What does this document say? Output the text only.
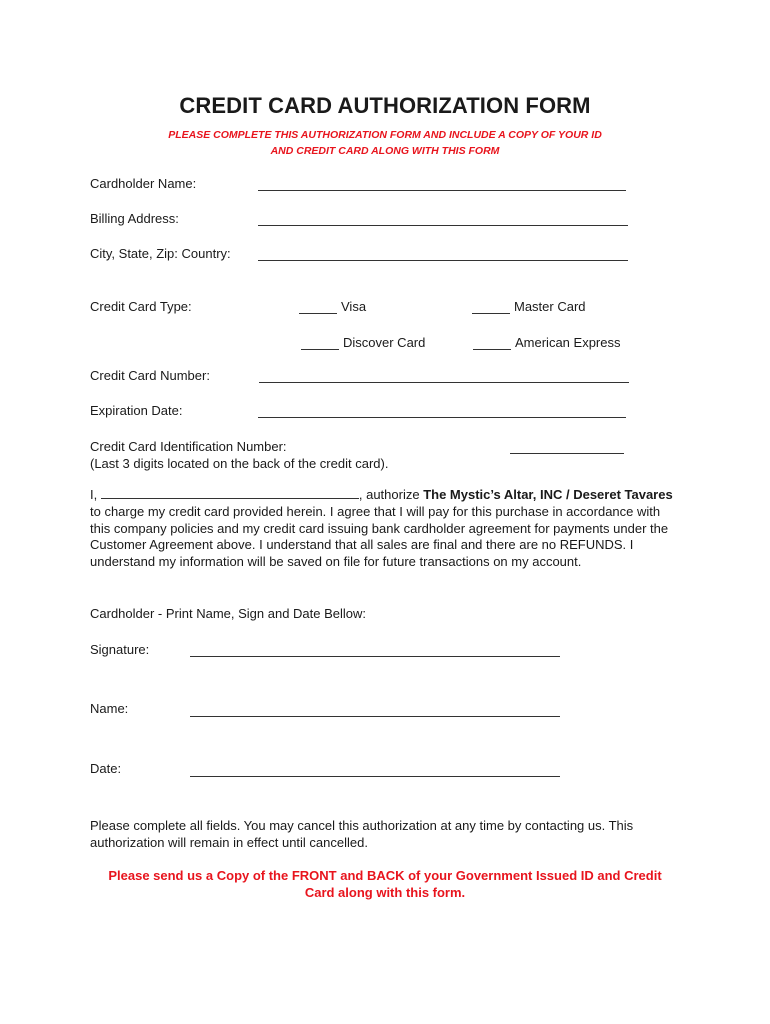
CREDIT CARD AUTHORIZATION FORM
PLEASE COMPLETE THIS AUTHORIZATION FORM AND INCLUDE A COPY OF YOUR ID
AND CREDIT CARD ALONG WITH THIS FORM
Cardholder Name:
Billing Address:
City, State, Zip: Country:
Credit Card Type:	Visa	Master Card
Discover Card	American Express
Credit Card Number:
Expiration Date:
Credit Card Identification Number:
(Last 3 digits located on the back of the credit card).
I,	, authorize The Mystic’s Altar, INC / Deseret Tavares to charge my credit card provided herein. I agree that I will pay for this purchase in accordance with this company policies and my credit card issuing bank cardholder agreement for payments under the Customer Agreement above. I understand that all sales are final and there are no REFUNDS. I understand my information will be saved on file for future transactions on my account.
Cardholder - Print Name, Sign and Date Bellow:
Signature:
Name:
Date:
Please complete all fields. You may cancel this authorization at any time by contacting us. This authorization will remain in effect until cancelled.
Please send us a Copy of the FRONT and BACK of your Government Issued ID and Credit Card along with this form.
